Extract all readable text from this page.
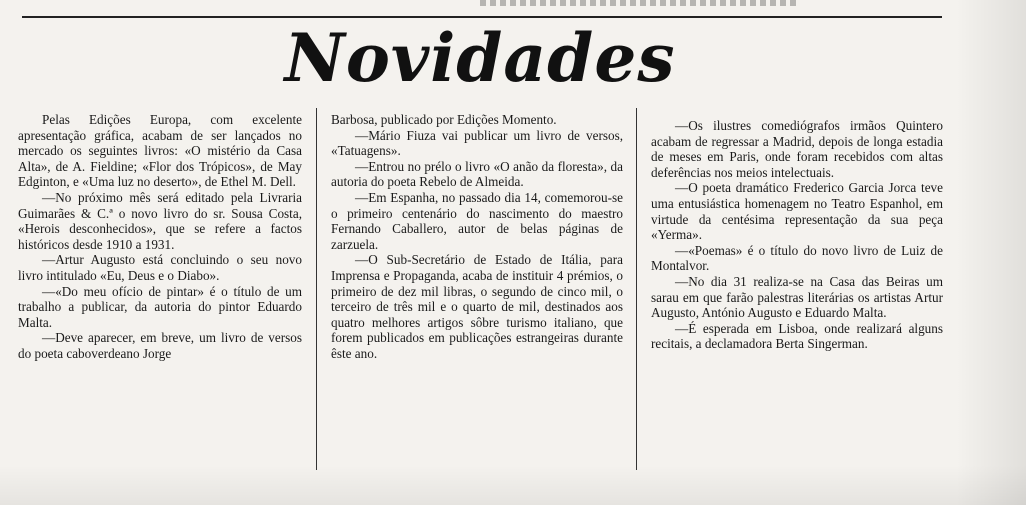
Novidades

Pelas Edições Europa, com excelente apresentação gráfica, acabam de ser lançados no mercado os seguintes livros: «O mistério da Casa Alta», de A. Fieldine; «Flor dos Trópicos», de May Edginton, e «Uma luz no deserto», de Ethel M. Dell.

—No próximo mês será editado pela Livraria Guimarães & C.ª o novo livro do sr. Sousa Costa, «Herois desconhecidos», que se refere a factos históricos desde 1910 a 1931.

—Artur Augusto está concluindo o seu novo livro intitulado «Eu, Deus e o Diabo».

—«Do meu ofício de pintar» é o título de um trabalho a publicar, da autoria do pintor Eduardo Malta.

—Deve aparecer, em breve, um livro de versos do poeta caboverdeano Jorge

Barbosa, publicado por Edições Momento.

—Mário Fiuza vai publicar um livro de versos, «Tatuagens».

—Entrou no prélo o livro «O anão da floresta», da autoria do poeta Rebelo de Almeida.

—Em Espanha, no passado dia 14, comemorou-se o primeiro centenário do nascimento do maestro Fernando Caballero, autor de belas páginas de zarzuela.

—O Sub-Secretário de Estado de Itália, para Imprensa e Propaganda, acaba de instituir 4 prémios, o primeiro de dez mil libras, o segundo de cinco mil, o terceiro de três mil e o quarto de mil, destinados aos quatro melhores artigos sôbre turismo italiano, que forem publicados em publicações estrangeiras durante êste ano.

—Os ilustres comediógrafos irmãos Quintero acabam de regressar a Madrid, depois de longa estadia de meses em Paris, onde foram recebidos com altas deferências nos meios intelectuais.

—O poeta dramático Frederico Garcia Jorca teve uma entusiástica homenagem no Teatro Espanhol, em virtude da centésima representação da sua peça «Yerma».

—«Poemas» é o título do novo livro de Luiz de Montalvor.

—No dia 31 realiza-se na Casa das Beiras um sarau em que farão palestras literárias os artistas Artur Augusto, António Augusto e Eduardo Malta.

—É esperada em Lisboa, onde realizará alguns recitais, a declamadora Berta Singerman.
